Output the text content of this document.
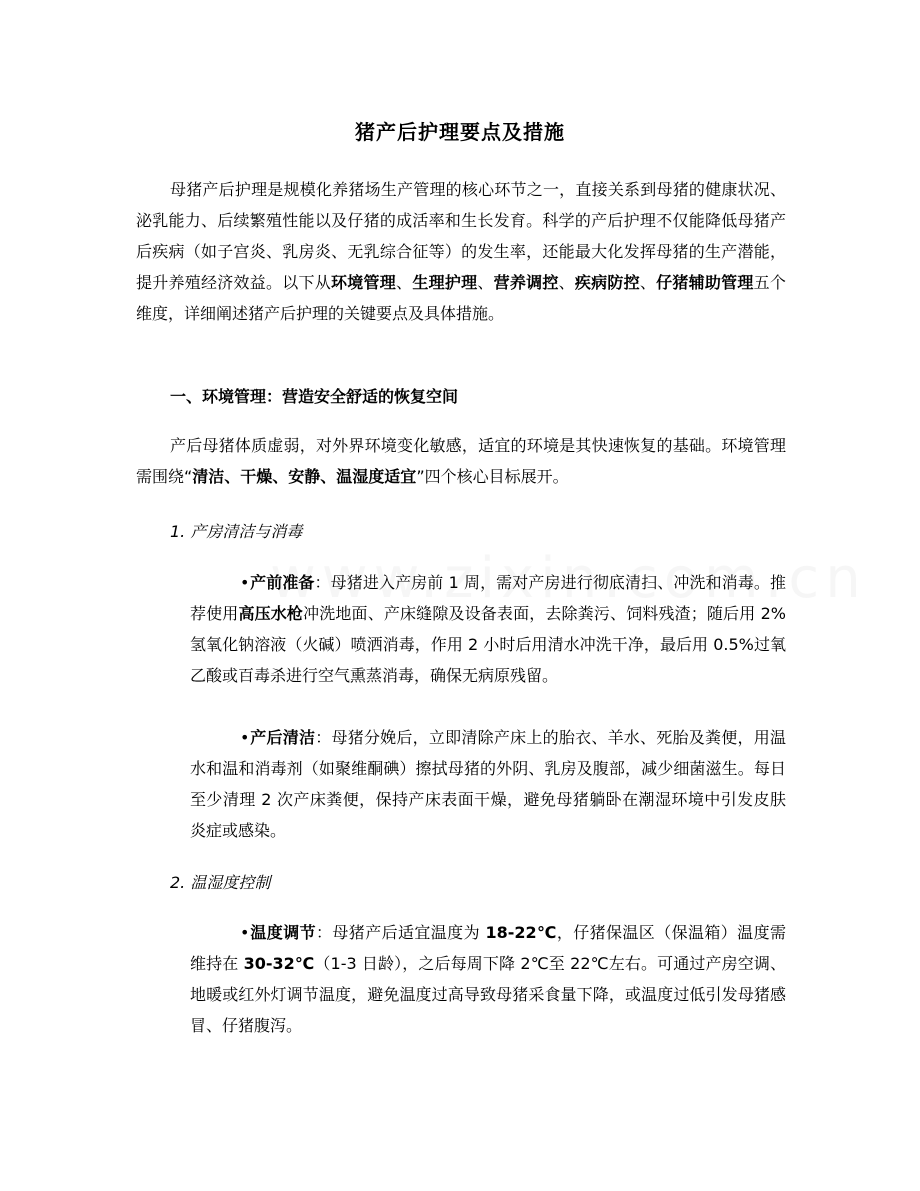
猪产后护理要点及措施

母猪产后护理是规模化养猪场生产管理的核心环节之一，直接关系到母猪的健康状况、泌乳能力、后续繁殖性能以及仔猪的成活率和生长发育。科学的产后护理不仅能降低母猪产后疾病（如子宫炎、乳房炎、无乳综合征等）的发生率，还能最大化发挥母猪的生产潜能，提升养殖经济效益。以下从环境管理、生理护理、营养调控、疾病防控、仔猪辅助管理五个维度，详细阐述猪产后护理的关键要点及具体措施。

一、环境管理：营造安全舒适的恢复空间

产后母猪体质虚弱，对外界环境变化敏感，适宜的环境是其快速恢复的基础。环境管理需围绕“清洁、干燥、安静、温湿度适宜”四个核心目标展开。

1. 产房清洁与消毒

•产前准备：母猪进入产房前 1 周，需对产房进行彻底清扫、冲洗和消毒。推荐使用高压水枪冲洗地面、产床缝隙及设备表面，去除粪污、饲料残渣；随后用 2%氢氧化钠溶液（火碱）喷洒消毒，作用 2 小时后用清水冲洗干净，最后用 0.5%过氧乙酸或百毒杀进行空气熏蒸消毒，确保无病原残留。

•产后清洁：母猪分娩后，立即清除产床上的胎衣、羊水、死胎及粪便，用温水和温和消毒剂（如聚维酮碘）擦拭母猪的外阴、乳房及腹部，减少细菌滋生。每日至少清理 2 次产床粪便，保持产床表面干燥，避免母猪躺卧在潮湿环境中引发皮肤炎症或感染。

2. 温湿度控制

•温度调节：母猪产后适宜温度为 18-22℃，仔猪保温区（保温箱）温度需维持在 30-32℃（1-3 日龄），之后每周下降 2℃至 22℃左右。可通过产房空调、地暖或红外灯调节温度，避免温度过高导致母猪采食量下降，或温度过低引发母猪感冒、仔猪腹泻。
